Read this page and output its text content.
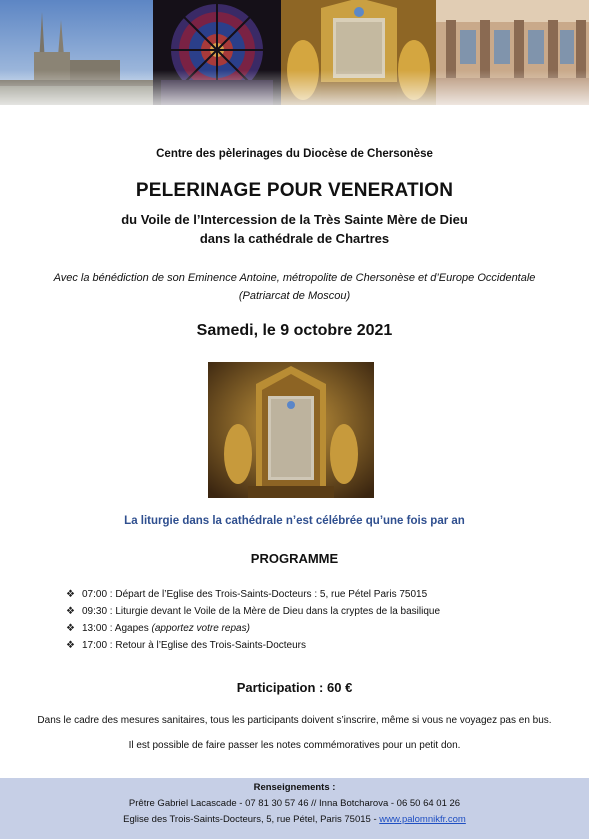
Centre des pèlerinages du Diocèse de Chersonèse
PELERINAGE POUR VENERATION
du Voile de l’Intercession de la Très Sainte Mère de Dieu
dans la cathédrale de Chartres
Avec la bénédiction de son Eminence Antoine, métropolite de Chersonèse et d’Europe Occidentale
(Patriarcat de Moscou)
Samedi, le 9 octobre 2021
La liturgie dans la cathédrale n’est célébrée qu’une fois par an
PROGRAMME
❖ 07:00 : Départ de l’Eglise des Trois-Saints-Docteurs : 5, rue Pétel Paris 75015
❖ 09:30 : Liturgie devant le Voile de la Mère de Dieu dans la cryptes de la basilique
❖ 13:00 : Agapes (apportez votre repas)
❖ 17:00 : Retour à l’Eglise des Trois-Saints-Docteurs
Participation : 60 €
Dans le cadre des mesures sanitaires, tous les participants doivent s’inscrire, même si vous ne voyagez pas en bus.
Il est possible de faire passer les notes commémoratives pour un petit don.
Renseignements :
Prêtre Gabriel Lacascade - 07 81 30 57 46 // Inna Botcharova - 06 50 64 01 26
Eglise des Trois-Saints-Docteurs, 5, rue Pétel, Paris 75015 - www.palomnikfr.com
